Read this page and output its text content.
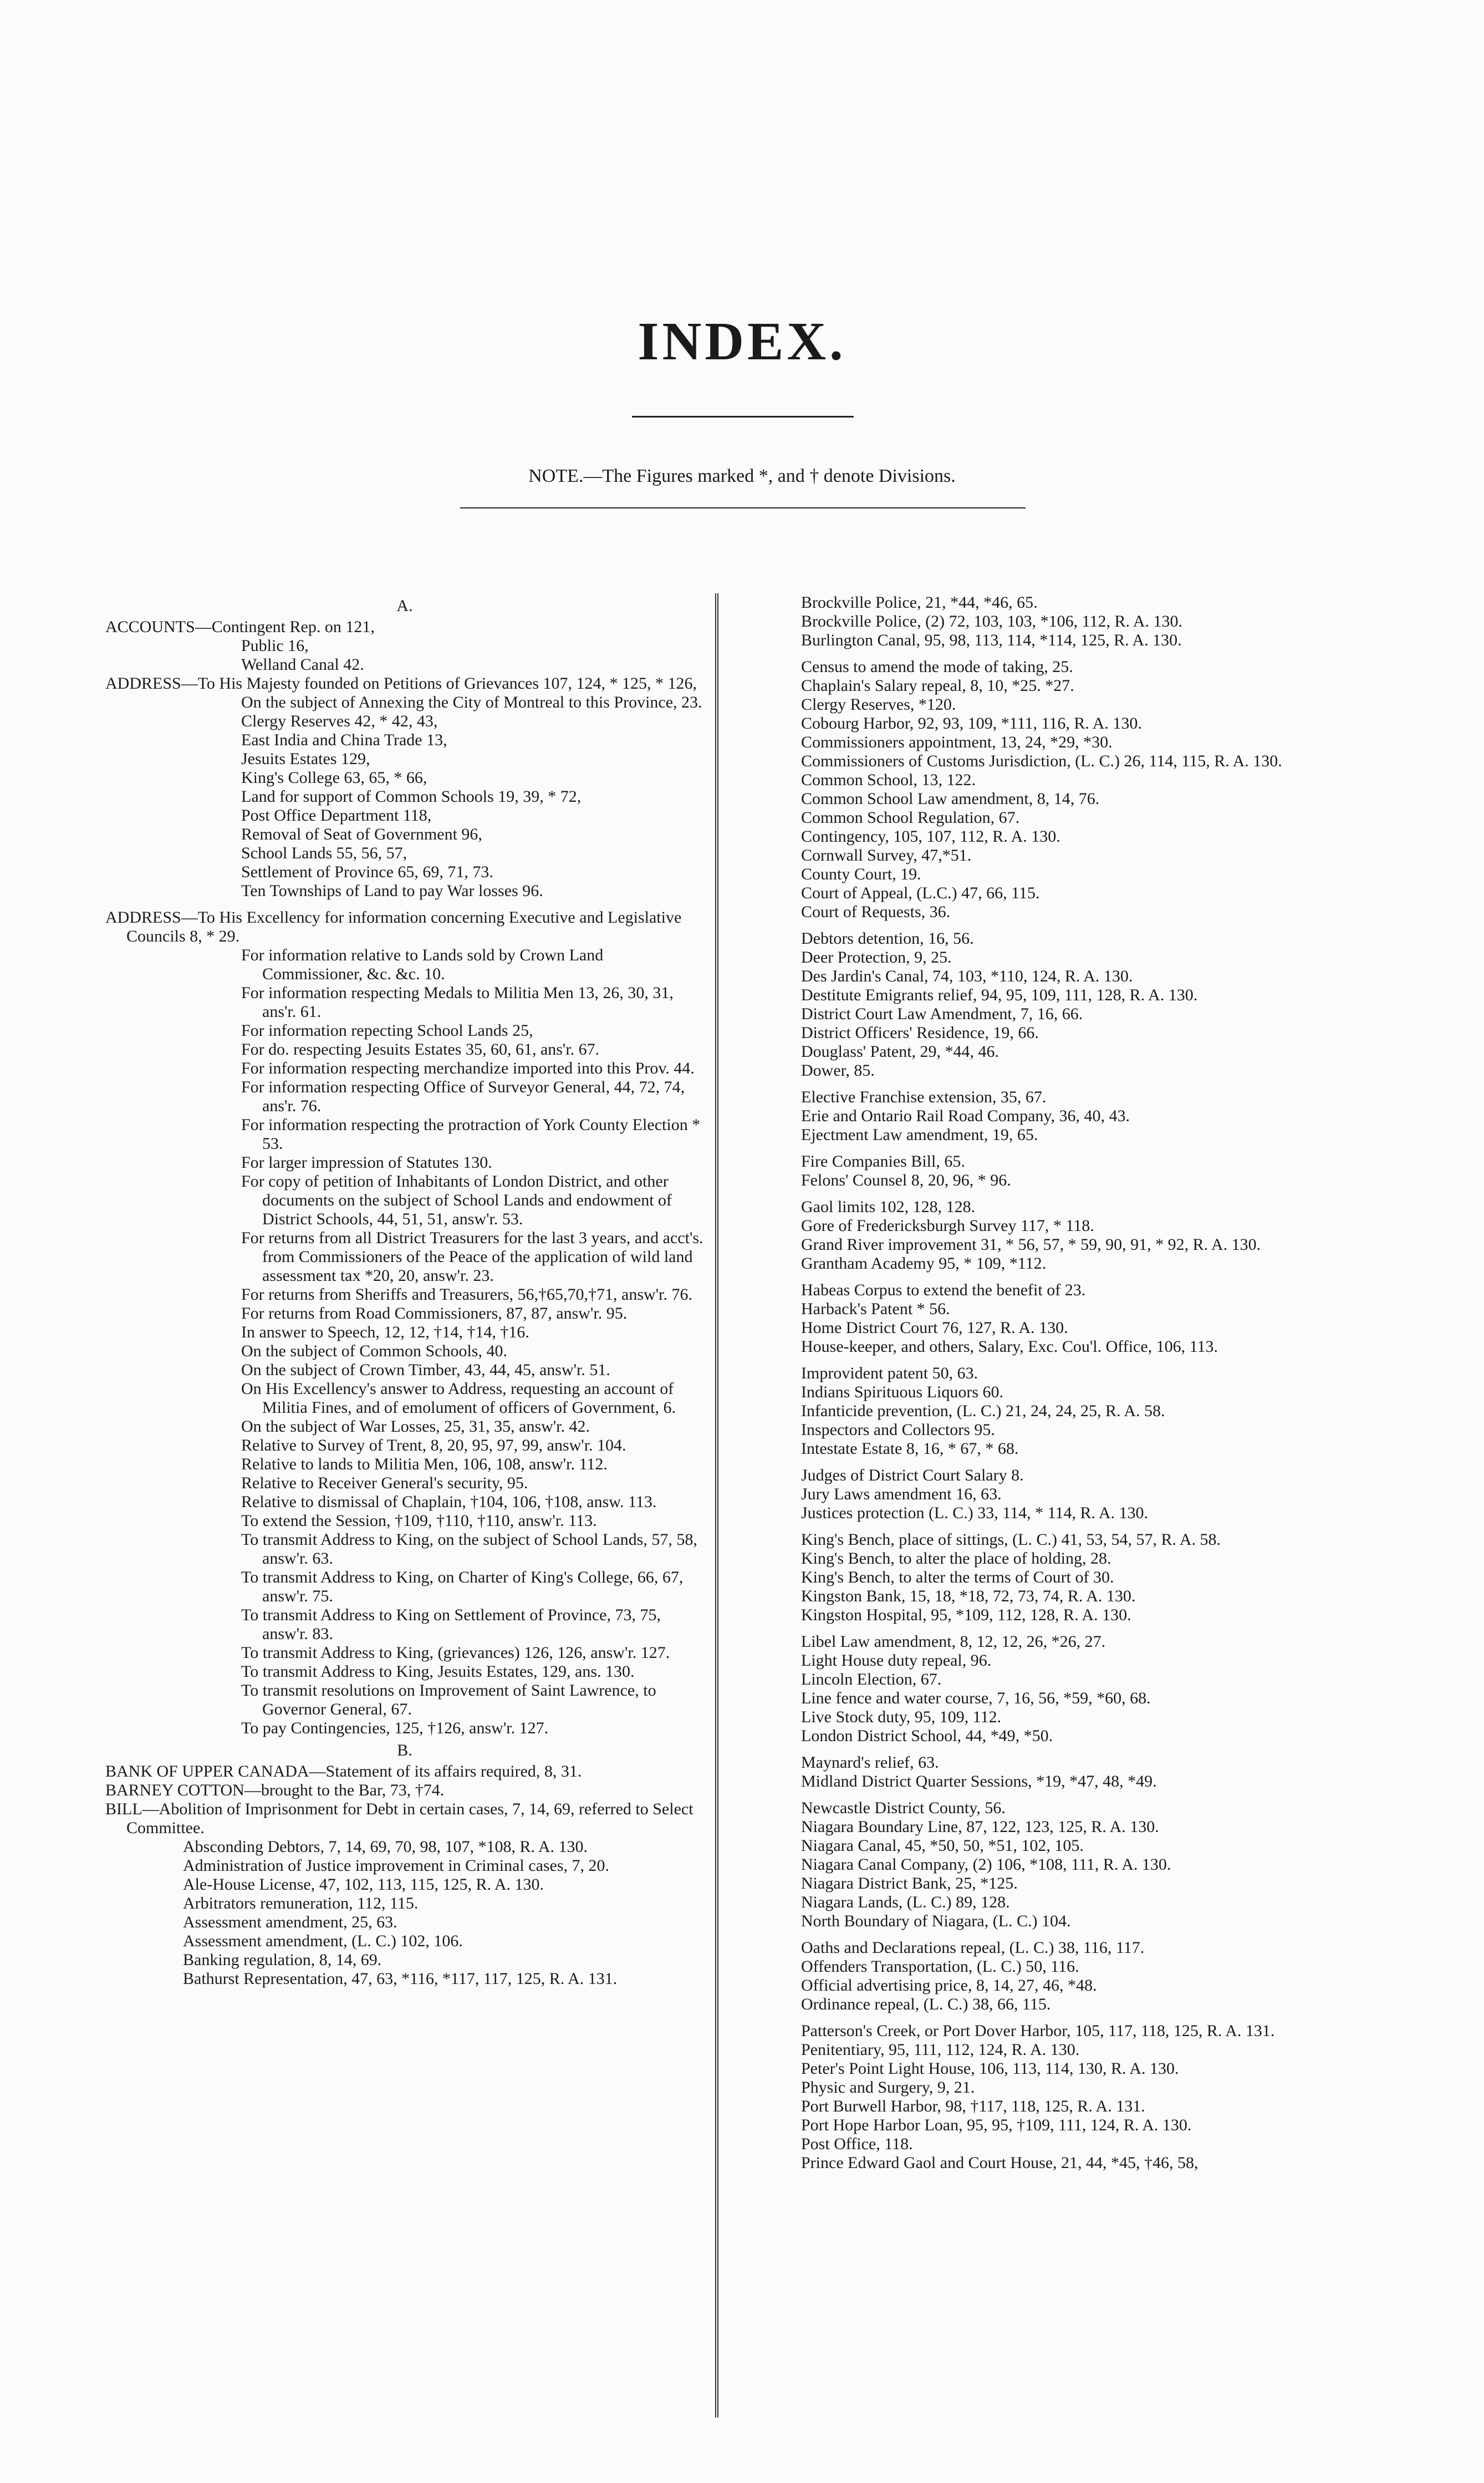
INDEX.
NOTE.—The Figures marked *, and † denote Divisions.
A.
ACCOUNTS—Contingent Rep. on 121,
Public 16,
Welland Canal 42.
ADDRESS—To His Majesty founded on Petitions of Grievances 107, 124, * 125, * 126,
On the subject of Annexing the City of Montreal to this Province, 23.
Clergy Reserves 42, * 42, 43,
East India and China Trade 13,
Jesuits Estates 129,
King's College 63, 65, * 66,
Land for support of Common Schools 19, 39, * 72,
Post Office Department 118,
Removal of Seat of Government 96,
School Lands 55, 56, 57,
Settlement of Province 65, 69, 71, 73.
Ten Townships of Land to pay War losses 96.
ADDRESS—To His Excellency for information concerning Executive and Legislative Councils 8, * 29.
For information relative to Lands sold by Crown Land Commissioner, &c. &c. 10.
For information respecting Medals to Militia Men 13, 26, 30, 31, ans'r. 61.
For information repecting School Lands 25,
For do. respecting Jesuits Estates 35, 60, 61, ans'r. 67.
For information respecting merchandize imported into this Prov. 44.
For information respecting Office of Surveyor General, 44, 72, 74, ans'r. 76.
For information respecting the protraction of York County Election * 53.
For larger impression of Statutes 130.
For copy of petition of Inhabitants of London District, and other documents on the subject of School Lands and endowment of District Schools, 44, 51, 51, answ'r. 53.
For returns from all District Treasurers for the last 3 years, and acct's. from Commissioners of the Peace of the application of wild land assessment tax *20, 20, answ'r. 23.
For returns from Sheriffs and Treasurers, 56,†65,70,†71, answ'r. 76.
For returns from Road Commissioners, 87, 87, answ'r. 95.
In answer to Speech, 12, 12, †14, †14, †16.
On the subject of Common Schools, 40.
On the subject of Crown Timber, 43, 44, 45, answ'r. 51.
On His Excellency's answer to Address, requesting an account of Militia Fines, and of emolument of officers of Government, 6.
On the subject of War Losses, 25, 31, 35, answ'r. 42.
Relative to Survey of Trent, 8, 20, 95, 97, 99, answ'r. 104.
Relative to lands to Militia Men, 106, 108, answ'r. 112.
Relative to Receiver General's security, 95.
Relative to dismissal of Chaplain, †104, 106, †108, answ. 113.
To extend the Session, †109, †110, †110, answ'r. 113.
To transmit Address to King, on the subject of School Lands, 57, 58, answ'r. 63.
To transmit Address to King, on Charter of King's College, 66, 67, answ'r. 75.
To transmit Address to King on Settlement of Province, 73, 75, answ'r. 83.
To transmit Address to King, (grievances) 126, 126, answ'r. 127.
To transmit Address to King, Jesuits Estates, 129, ans. 130.
To transmit resolutions on Improvement of Saint Lawrence, to Governor General, 67.
To pay Contingencies, 125, †126, answ'r. 127.
B.
BANK OF UPPER CANADA—Statement of its affairs required, 8, 31.
BARNEY COTTON—brought to the Bar, 73, †74.
BILL—Abolition of Imprisonment for Debt in certain cases, 7, 14, 69, referred to Select Committee.
Absconding Debtors, 7, 14, 69, 70, 98, 107, *108, R. A. 130.
Administration of Justice improvement in Criminal cases, 7, 20.
Ale-House License, 47, 102, 113, 115, 125, R. A. 130.
Arbitrators remuneration, 112, 115.
Assessment amendment, 25, 63.
Assessment amendment, (L. C.) 102, 106.
Banking regulation, 8, 14, 69.
Bathurst Representation, 47, 63, *116, *117, 117, 125, R. A. 131.
Brockville Police, 21, *44, *46, 65.
Brockville Police, (2) 72, 103, 103, *106, 112, R. A. 130.
Burlington Canal, 95, 98, 113, 114, *114, 125, R. A. 130.
Census to amend the mode of taking, 25.
Chaplain's Salary repeal, 8, 10, *25. *27.
Clergy Reserves, *120.
Cobourg Harbor, 92, 93, 109, *111, 116, R. A. 130.
Commissioners appointment, 13, 24, *29, *30.
Commissioners of Customs Jurisdiction, (L. C.) 26, 114, 115, R. A. 130.
Common School, 13, 122.
Common School Law amendment, 8, 14, 76.
Common School Regulation, 67.
Contingency, 105, 107, 112, R. A. 130.
Cornwall Survey, 47,*51.
County Court, 19.
Court of Appeal, (L.C.) 47, 66, 115.
Court of Requests, 36.
Debtors detention, 16, 56.
Deer Protection, 9, 25.
Des Jardin's Canal, 74, 103, *110, 124, R. A. 130.
Destitute Emigrants relief, 94, 95, 109, 111, 128, R. A. 130.
District Court Law Amendment, 7, 16, 66.
District Officers' Residence, 19, 66.
Douglass' Patent, 29, *44, 46.
Dower, 85.
Elective Franchise extension, 35, 67.
Erie and Ontario Rail Road Company, 36, 40, 43.
Ejectment Law amendment, 19, 65.
Fire Companies Bill, 65.
Felons' Counsel 8, 20, 96, * 96.
Gaol limits 102, 128, 128.
Gore of Fredericksburgh Survey 117, * 118.
Grand River improvement 31, * 56, 57, * 59, 90, 91, * 92, R. A. 130.
Grantham Academy 95, * 109, *112.
Habeas Corpus to extend the benefit of 23.
Harback's Patent * 56.
Home District Court 76, 127, R. A. 130.
House-keeper, and others, Salary, Exc. Cou'l. Office, 106, 113.
Improvident patent 50, 63.
Indians Spirituous Liquors 60.
Infanticide prevention, (L. C.) 21, 24, 24, 25, R. A. 58.
Inspectors and Collectors 95.
Intestate Estate 8, 16, * 67, * 68.
Judges of District Court Salary 8.
Jury Laws amendment 16, 63.
Justices protection (L. C.) 33, 114, * 114, R. A. 130.
King's Bench, place of sittings, (L. C.) 41, 53, 54, 57, R. A. 58.
King's Bench, to alter the place of holding, 28.
King's Bench, to alter the terms of Court of 30.
Kingston Bank, 15, 18, *18, 72, 73, 74, R. A. 130.
Kingston Hospital, 95, *109, 112, 128, R. A. 130.
Libel Law amendment, 8, 12, 12, 26, *26, 27.
Light House duty repeal, 96.
Lincoln Election, 67.
Line fence and water course, 7, 16, 56, *59, *60, 68.
Live Stock duty, 95, 109, 112.
London District School, 44, *49, *50.
Maynard's relief, 63.
Midland District Quarter Sessions, *19, *47, 48, *49.
Newcastle District County, 56.
Niagara Boundary Line, 87, 122, 123, 125, R. A. 130.
Niagara Canal, 45, *50, 50, *51, 102, 105.
Niagara Canal Company, (2) 106, *108, 111, R. A. 130.
Niagara District Bank, 25, *125.
Niagara Lands, (L. C.) 89, 128.
North Boundary of Niagara, (L. C.) 104.
Oaths and Declarations repeal, (L. C.) 38, 116, 117.
Offenders Transportation, (L. C.) 50, 116.
Official advertising price, 8, 14, 27, 46, *48.
Ordinance repeal, (L. C.) 38, 66, 115.
Patterson's Creek, or Port Dover Harbor, 105, 117, 118, 125, R. A. 131.
Penitentiary, 95, 111, 112, 124, R. A. 130.
Peter's Point Light House, 106, 113, 114, 130, R. A. 130.
Physic and Surgery, 9, 21.
Port Burwell Harbor, 98, †117, 118, 125, R. A. 131.
Port Hope Harbor Loan, 95, 95, †109, 111, 124, R. A. 130.
Post Office, 118.
Prince Edward Gaol and Court House, 21, 44, *45, †46, 58,
